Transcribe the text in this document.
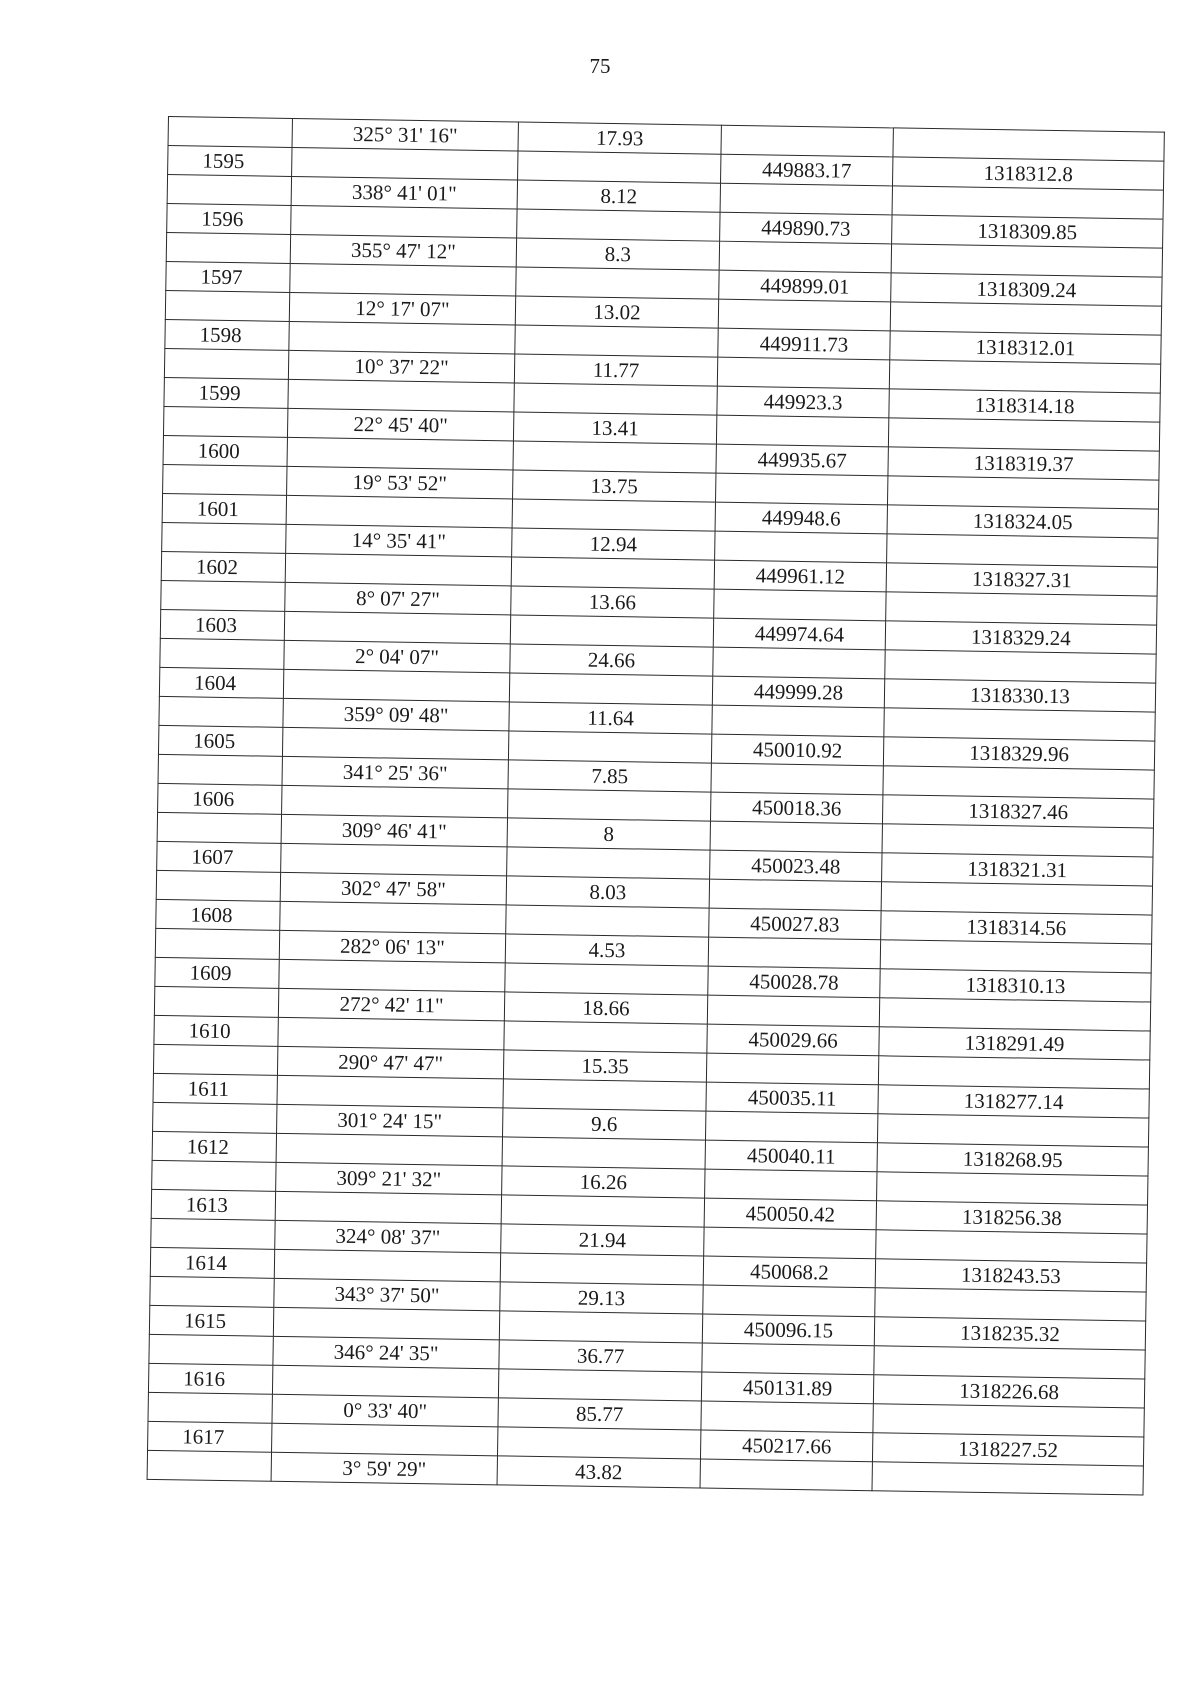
75
	325° 31' 16"	17.93		
1595			449883.17	1318312.8
	338° 41' 01"	8.12		
1596			449890.73	1318309.85
	355° 47' 12"	8.3		
1597			449899.01	1318309.24
	12° 17' 07"	13.02		
1598			449911.73	1318312.01
	10° 37' 22"	11.77		
1599			449923.3	1318314.18
	22° 45' 40"	13.41		
1600			449935.67	1318319.37
	19° 53' 52"	13.75		
1601			449948.6	1318324.05
	14° 35' 41"	12.94		
1602			449961.12	1318327.31
	8° 07' 27"	13.66		
1603			449974.64	1318329.24
	2° 04' 07"	24.66		
1604			449999.28	1318330.13
	359° 09' 48"	11.64		
1605			450010.92	1318329.96
	341° 25' 36"	7.85		
1606			450018.36	1318327.46
	309° 46' 41"	8		
1607			450023.48	1318321.31
	302° 47' 58"	8.03		
1608			450027.83	1318314.56
	282° 06' 13"	4.53		
1609			450028.78	1318310.13
	272° 42' 11"	18.66		
1610			450029.66	1318291.49
	290° 47' 47"	15.35		
1611			450035.11	1318277.14
	301° 24' 15"	9.6		
1612			450040.11	1318268.95
	309° 21' 32"	16.26		
1613			450050.42	1318256.38
	324° 08' 37"	21.94		
1614			450068.2	1318243.53
	343° 37' 50"	29.13		
1615			450096.15	1318235.32
	346° 24' 35"	36.77		
1616			450131.89	1318226.68
	0° 33' 40"	85.77		
1617			450217.66	1318227.52
	3° 59' 29"	43.82		
